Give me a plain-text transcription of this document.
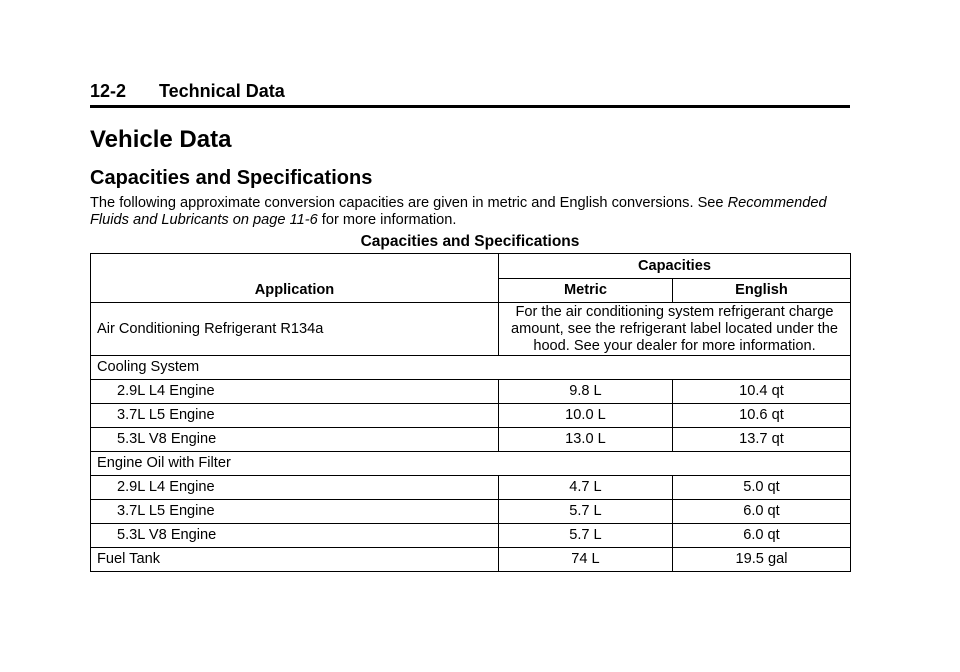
12-2 Technical Data
Vehicle Data
Capacities and Specifications

The following approximate conversion capacities are given in metric and English conversions. See Recommended Fluids and Lubricants on page 11-6 for more information.

Capacities and Specifications
Application	Capacities	
	Metric	English
Air Conditioning Refrigerant R134a	For the air conditioning system refrigerant charge amount, see the refrigerant label located under the hood. See your dealer for more information.	
Cooling System		
2.9L L4 Engine	9.8 L	10.4 qt
3.7L L5 Engine	10.0 L	10.6 qt
5.3L V8 Engine	13.0 L	13.7 qt
Engine Oil with Filter		
2.9L L4 Engine	4.7 L	5.0 qt
3.7L L5 Engine	5.7 L	6.0 qt
5.3L V8 Engine	5.7 L	6.0 qt
Fuel Tank	74 L	19.5 gal
